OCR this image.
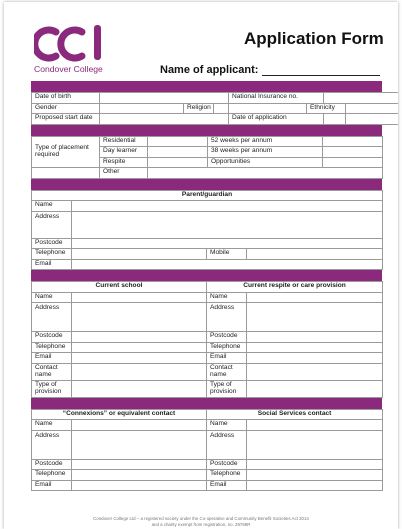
Condover College
Application Form
Name of applicant:
Date of birth				National Insurance no.			
Gender		Religion			Ethnicity		
Proposed start date				Date of application			
Type of placement required	Residential		52 weeks per annum	
	Day learner		38 weeks per annum	
	Respite		Opportunities	
	Other			
Parent/guardian			
Name			
Address			
Postcode			
Telephone		Mobile	
Email			
Current school		Current respite or care provision	
Name		Name	
Address		Address	
Postcode		Postcode	
Telephone		Telephone	
Email		Email	
Contact name		Contact name	
Type of provision		Type of provision	
“Connexions” or equivalent contact		Social Services contact	
Name		Name	
Address		Address	
Postcode		Postcode	
Telephone		Telephone	
Email		Email	
Condover College Ltd – a registered society under the Co-operative and Community Benefit Societies Act 2014
and a charity exempt from registration, no. 29768R
